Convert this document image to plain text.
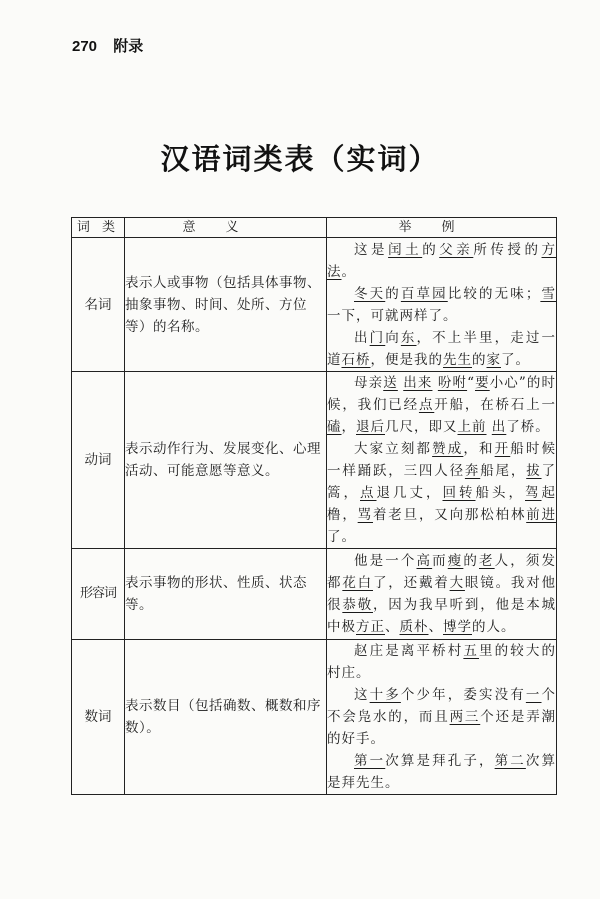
270 附录
汉语词类表（实词）
词 类	意义	举例
名词	表示人或事物（包括具体事物、抽象事物、时间、处所、方位等）的名称。	这是闰土的父亲所传授的方法。

冬天的百草园比较的无味；雪一下，可就两样了。

出门向东，不上半里，走过一道石桥，便是我的先生的家了。

动词	表示动作行为、发展变化、心理活动、可能意愿等意义。	母亲送 出来 吩咐“要小心”的时候，我们已经点开船，在桥石上一磕，退后几尺，即又上前 出了桥。

大家立刻都赞成，和开船时候一样踊跃，三四人径奔船尾，拔了篙，点退几丈，回转船头，驾起橹，骂着老旦，又向那松柏林前进了。

形容词	表示事物的形状、性质、状态等。	他是一个高而瘦的老人，须发都花白了，还戴着大眼镜。我对他很恭敬，因为我早听到，他是本城中极方正、质朴、博学的人。

数词	表示数目（包括确数、概数和序数）。	赵庄是离平桥村五里的较大的村庄。

这十多个少年，委实没有一个不会凫水的，而且两三个还是弄潮的好手。

第一次算是拜孔子，第二次算是拜先生。
